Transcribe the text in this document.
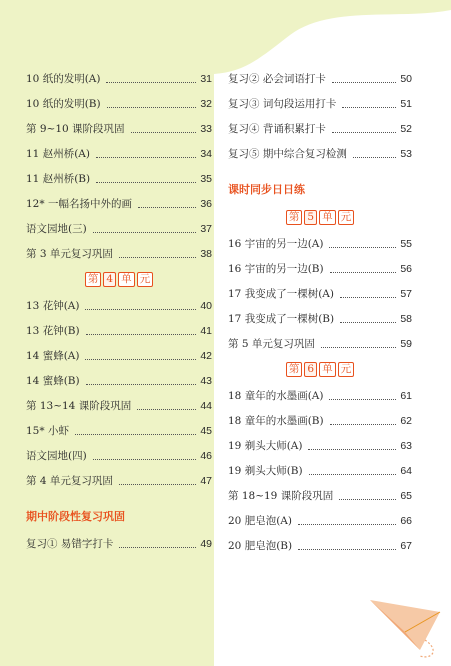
10 纸的发明(A)	31
10 纸的发明(B)	32
第 9~10 课阶段巩固	33
11 赵州桥(A)	34
11 赵州桥(B)	35
12* 一幅名扬中外的画	36
语文园地(三)	37
第 3 单元复习巩固	38
第 4 单 元
13 花钟(A)	40
13 花钟(B)	41
14 蜜蜂(A)	42
14 蜜蜂(B)	43
第 13~14 课阶段巩固	44
15* 小虾	45
语文园地(四)	46
第 4 单元复习巩固	47
期中阶段性复习巩固
复习① 易错字打卡	49
复习② 必会词语打卡	50
复习③ 词句段运用打卡	51
复习④ 背诵积累打卡	52
复习⑤ 期中综合复习检测	53
课时同步日日练
第 5 单 元
16 宇宙的另一边(A)	55
16 宇宙的另一边(B)	56
17 我变成了一棵树(A)	57
17 我变成了一棵树(B)	58
第 5 单元复习巩固	59
第 6 单 元
18 童年的水墨画(A)	61
18 童年的水墨画(B)	62
19 剃头大师(A)	63
19 剃头大师(B)	64
第 18~19 课阶段巩固	65
20 肥皂泡(A)	66
20 肥皂泡(B)	67
